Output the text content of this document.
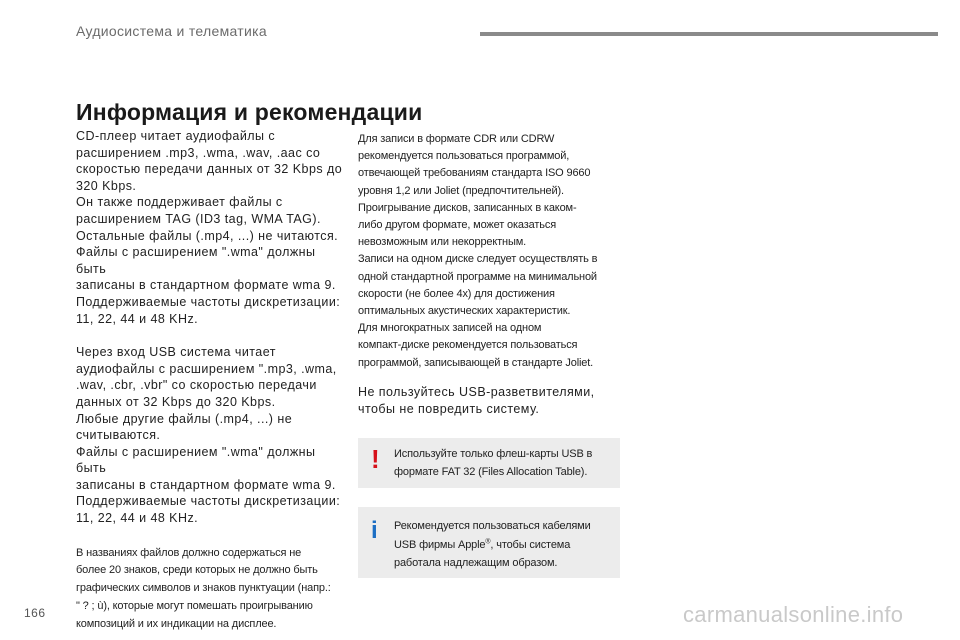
Аудиосистема и телематика
Информация и рекомендации

CD-плеер читает аудиофайлы с
расширением .mp3, .wma, .wav, .aac со
скоростью передачи данных от 32 Kbps до
320 Kbps.
Он также поддерживает файлы с
расширением TAG (ID3 tag, WMA TAG).
Остальные файлы (.mp4, ...) не читаются.
Файлы с расширением ".wma" должны быть
записаны в стандартном формате wma 9.
Поддерживаемые частоты дискретизации:
11, 22, 44 и 48 KHz.

Через вход USB система читает
аудиофайлы с расширением ".mp3, .wma,
.wav, .cbr, .vbr" со скоростью передачи
данных от 32 Kbps до 320 Kbps.
Любые другие файлы (.mp4, ...) не
считываются.
Файлы с расширением ".wma" должны быть
записаны в стандартном формате wma 9.
Поддерживаемые частоты дискретизации:
11, 22, 44 и 48 KHz.

В названиях файлов должно содержаться не
более 20 знаков, среди которых не должно быть
графических символов и знаков пунктуации (напр.:
" ? ; ù), которые могут помешать проигрыванию
композиций и их индикации на дисплее.

Для записи в формате CDR или CDRW
рекомендуется пользоваться программой,
отвечающей требованиям стандарта ISO 9660
уровня 1,2 или Joliet (предпочтительней).
Проигрывание дисков, записанных в каком-
либо другом формате, может оказаться
невозможным или некорректным.
Записи на одном диске следует осуществлять в
одной стандартной программе на минимальной
скорости (не более 4x) для достижения
оптимальных акустических характеристик.
Для многократных записей на одном
компакт-диске рекомендуется пользоваться
программой, записывающей в стандарте Joliet.

Не пользуйтесь USB-разветвителями,
чтобы не повредить систему.

! Используйте только флеш-карты USB в
формате FAT 32 (Files Allocation Table).
i Рекомендуется пользоваться кабелями
USB фирмы Apple®, чтобы система
работала надлежащим образом.
166	carmanualsonline.info
